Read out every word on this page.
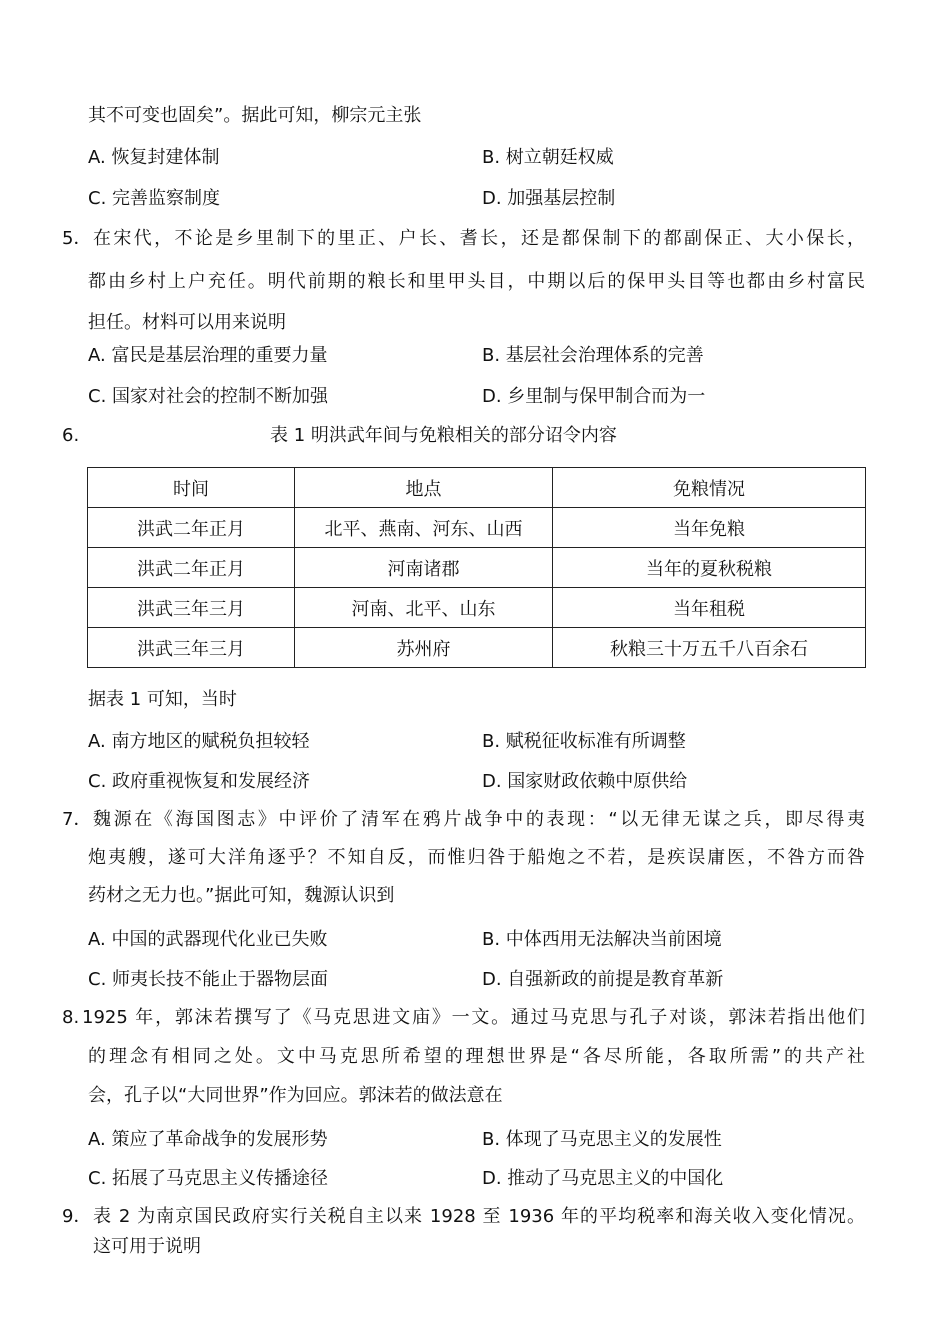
其不可变也固矣”。据此可知，柳宗元主张
A. 恢复封建体制	B. 树立朝廷权威
C. 完善监察制度	D. 加强基层控制
5． 在宋代，不论是乡里制下的里正、户长、耆长，还是都保制下的都副保正、大小保长，
都由乡村上户充任。明代前期的粮长和里甲头目，中期以后的保甲头目等也都由乡村富民
担任。材料可以用来说明
A. 富民是基层治理的重要力量	B. 基层社会治理体系的完善
C. 国家对社会的控制不断加强	D. 乡里制与保甲制合而为一
6.	表 1 明洪武年间与免粮相关的部分诏令内容
时间	地点	免粮情况
洪武二年正月	北平、燕南、河东、山西	当年免粮
洪武二年正月	河南诸郡	当年的夏秋税粮
洪武三年三月	河南、北平、山东	当年租税
洪武三年三月	苏州府	秋粮三十万五千八百余石
据表 1 可知，当时
A. 南方地区的赋税负担较轻	B. 赋税征收标准有所调整
C. 政府重视恢复和发展经济	D. 国家财政依赖中原供给
7． 魏源在《海国图志》中评价了清军在鸦片战争中的表现：“以无律无谋之兵，即尽得夷
炮夷艘，遂可大洋角逐乎？不知自反，而惟归咎于船炮之不若，是疾误庸医，不咎方而咎
药材之无力也。”据此可知，魏源认识到
A. 中国的武器现代化业已失败	B. 中体西用无法解决当前困境
C. 师夷长技不能止于器物层面	D. 自强新政的前提是教育革新
8. 1925 年，郭沫若撰写了《马克思进文庙》一文。通过马克思与孔子对谈，郭沫若指出他们
的理念有相同之处。文中马克思所希望的理想世界是“各尽所能，各取所需”的共产社
会，孔子以“大同世界”作为回应。郭沫若的做法意在
A. 策应了革命战争的发展形势	B. 体现了马克思主义的发展性
C. 拓展了马克思主义传播途径	D. 推动了马克思主义的中国化
9． 表 2 为南京国民政府实行关税自主以来 1928 至 1936 年的平均税率和海关收入变化情况。
这可用于说明
